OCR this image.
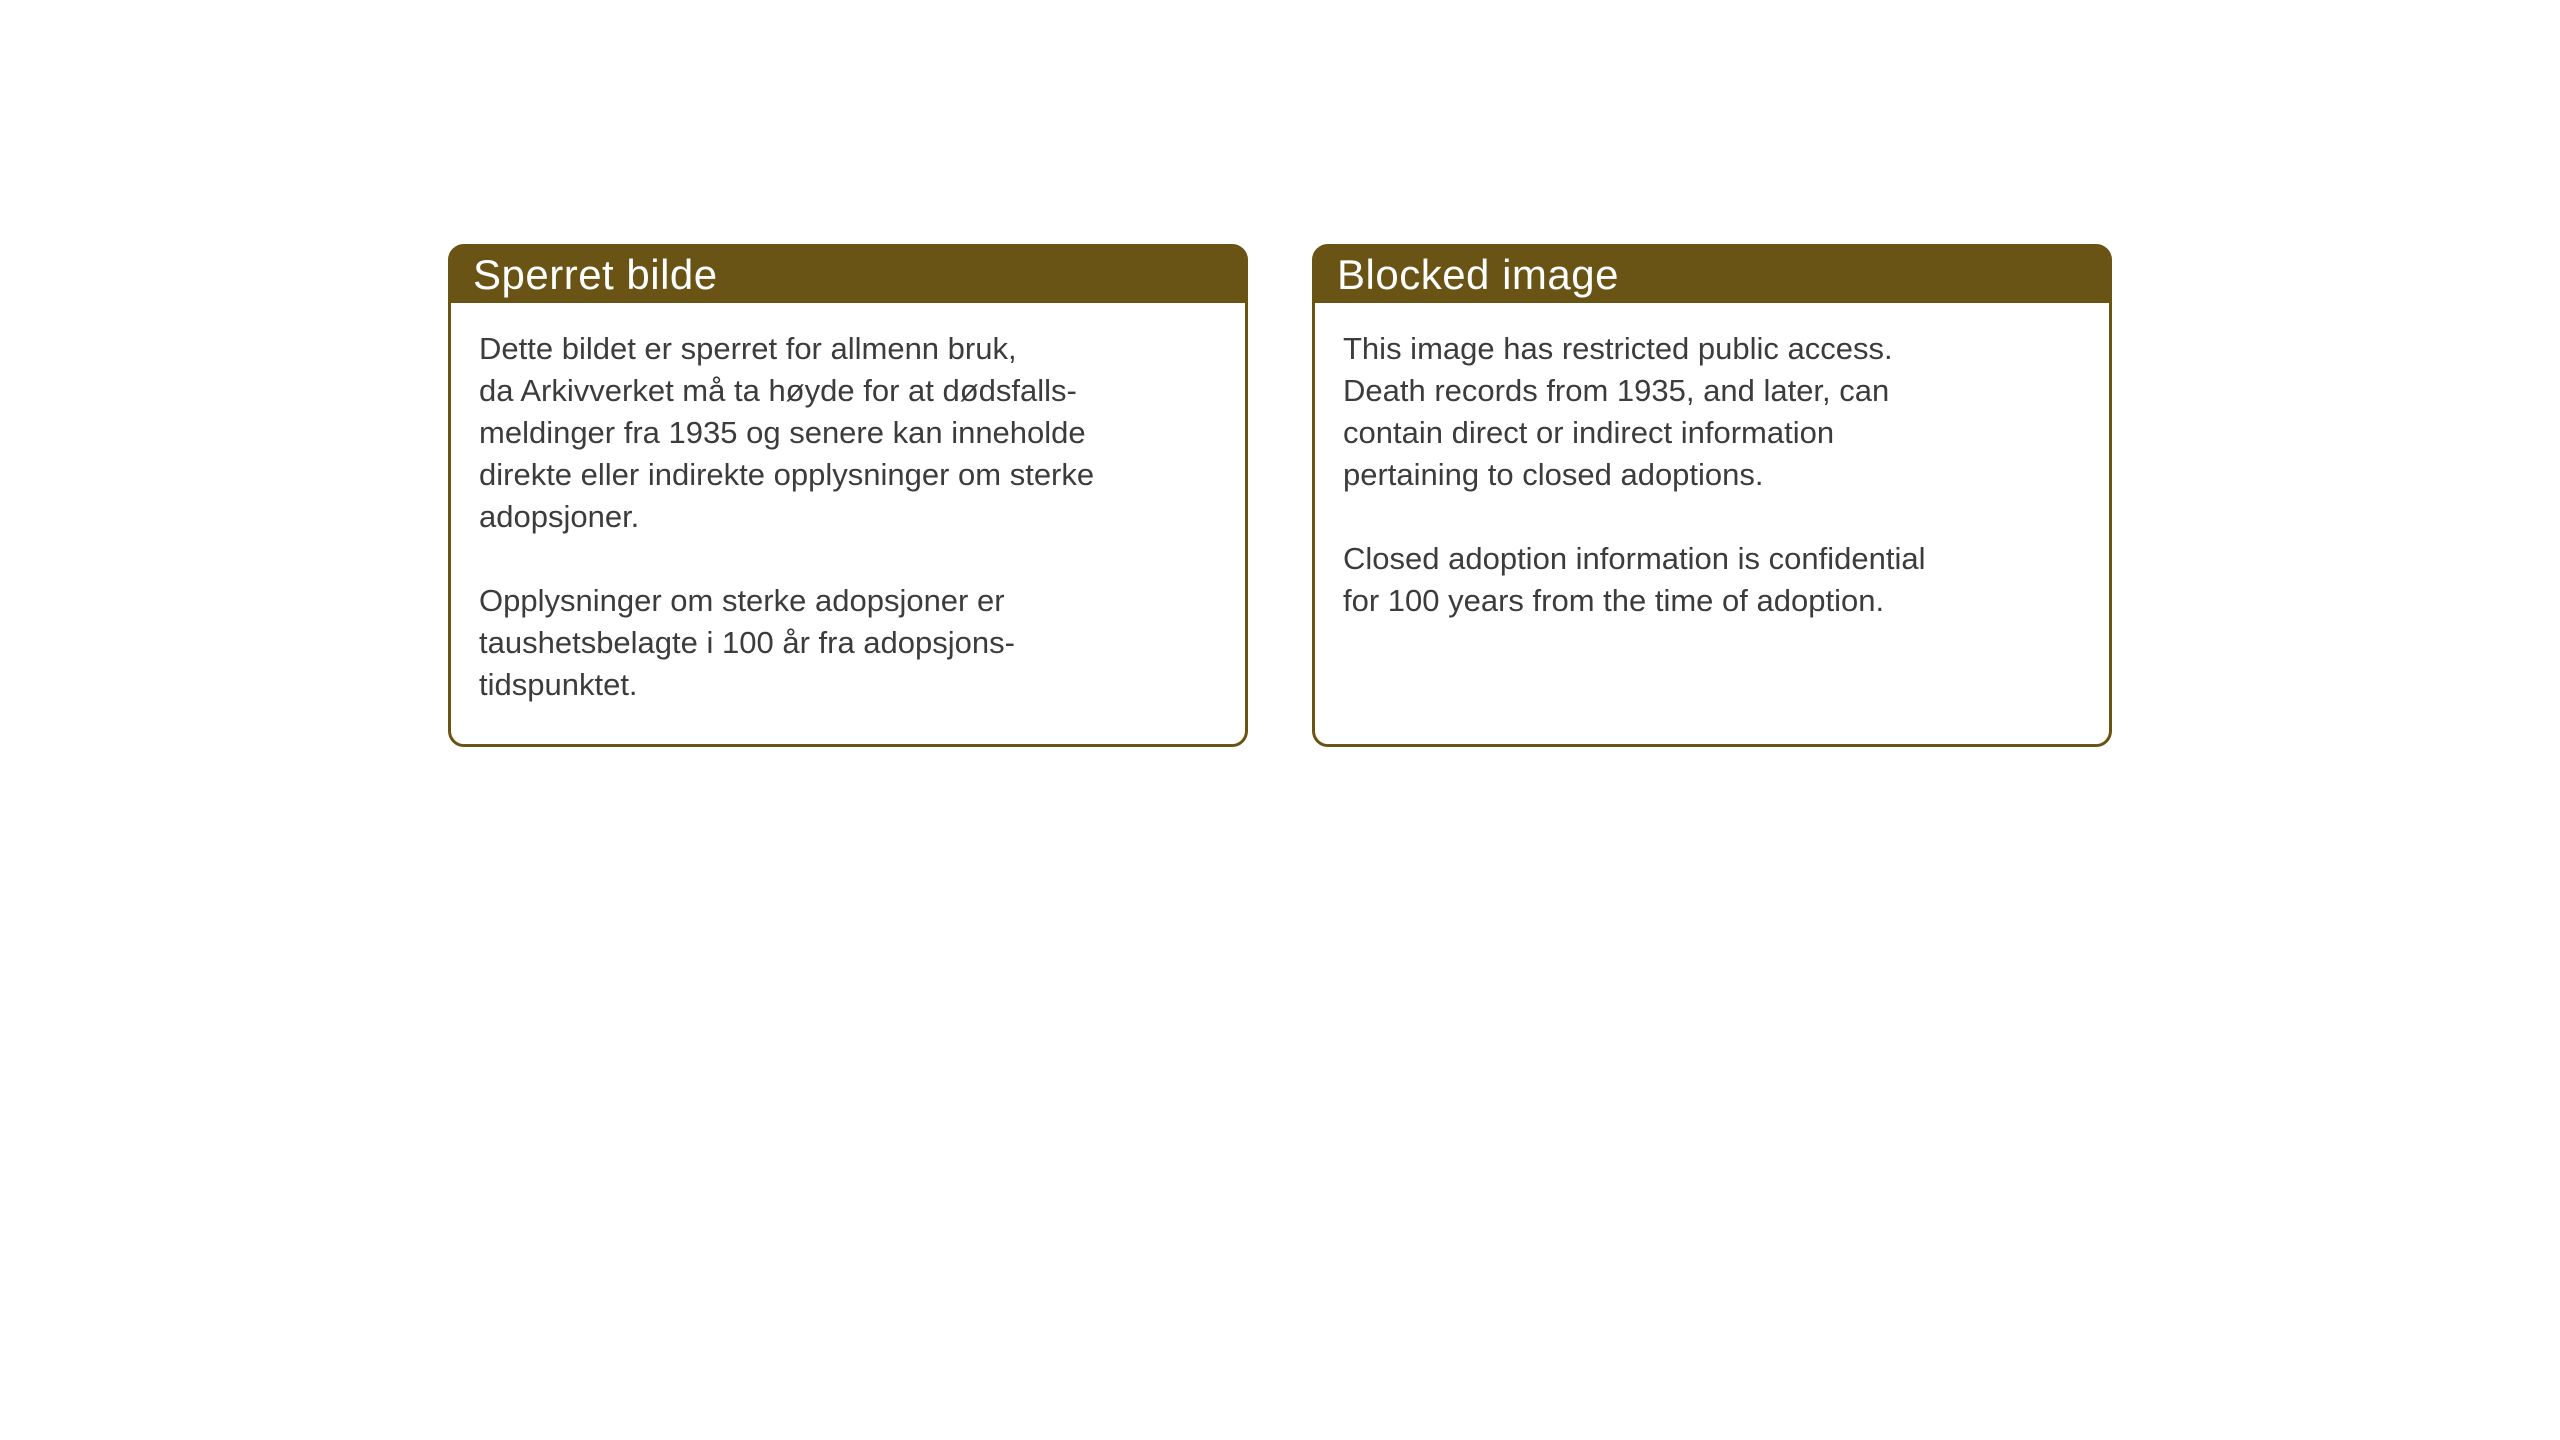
Sperret bilde
Dette bildet er sperret for allmenn bruk,
da Arkivverket må ta høyde for at dødsfalls-
meldinger fra 1935 og senere kan inneholde
direkte eller indirekte opplysninger om sterke
adopsjoner.
Opplysninger om sterke adopsjoner er
taushetsbelagte i 100 år fra adopsjons-
tidspunktet.
Blocked image
This image has restricted public access.
Death records from 1935, and later, can
contain direct or indirect information
pertaining to closed adoptions.
Closed adoption information is confidential
for 100 years from the time of adoption.
